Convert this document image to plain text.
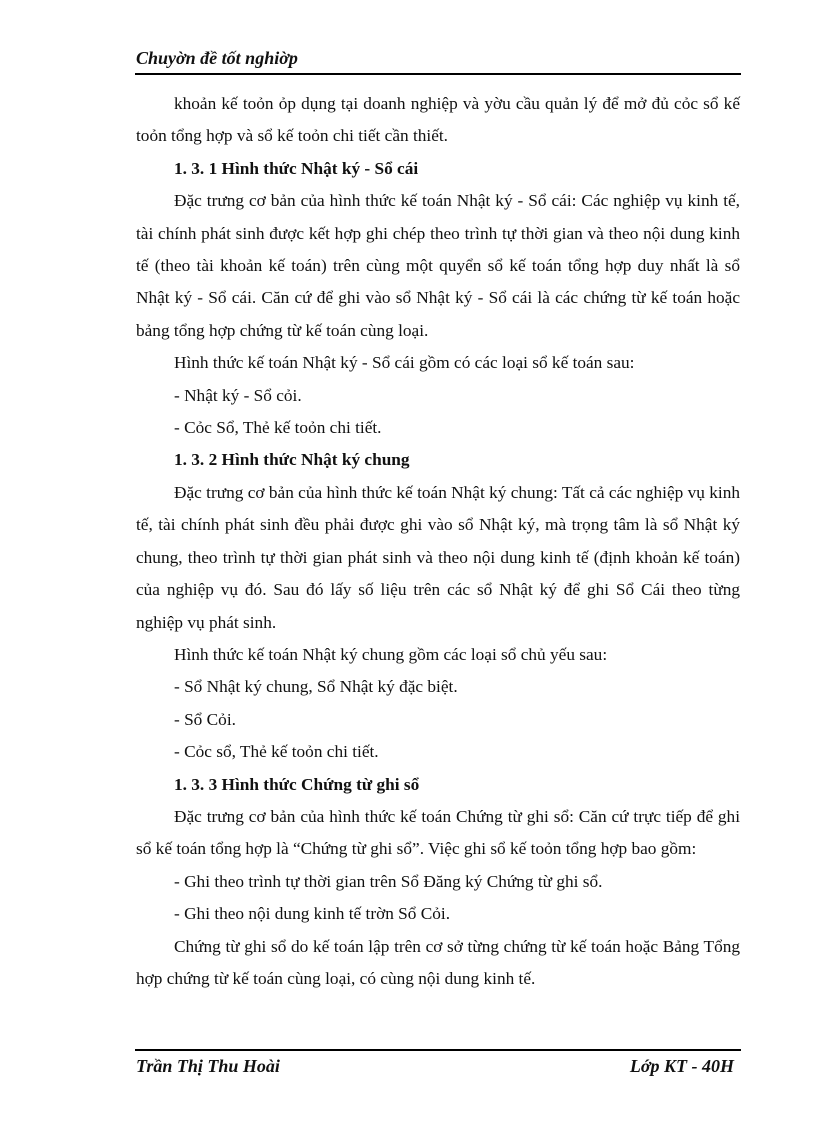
Chuyờn đề tốt nghiờp

khoản kế toỏn ỏp dụng tại doanh nghiệp và yờu cầu quản lý để mở đủ cỏc sổ kế toỏn tổng hợp và sổ kế toỏn chi tiết cần thiết.

1. 3. 1 Hình thức Nhật ký - Sổ cái

Đặc trưng cơ bản của hình thức kế toán Nhật ký - Sổ cái: Các nghiệp vụ kinh tế, tài chính phát sinh được kết hợp ghi chép theo trình tự thời gian và theo nội dung kinh tế (theo tài khoản kế toán) trên cùng một quyển sổ kế toán tổng hợp duy nhất là sổ Nhật ký - Sổ cái. Căn cứ để ghi vào sổ Nhật ký - Sổ cái là các chứng từ kế toán hoặc bảng tổng hợp chứng từ kế toán cùng loại.

Hình thức kế toán Nhật ký - Sổ cái gồm có các loại sổ kế toán sau:

- Nhật ký - Sổ cỏi.

- Cỏc Sổ, Thẻ kế toỏn chi tiết.

1. 3. 2 Hình thức Nhật ký chung

Đặc trưng cơ bản của hình thức kế toán Nhật ký chung: Tất cả các nghiệp vụ kinh tế, tài chính phát sinh đều phải được ghi vào sổ Nhật ký, mà trọng tâm là sổ Nhật ký chung, theo trình tự thời gian phát sinh và theo nội dung kinh tế (định khoản kế toán) của nghiệp vụ đó. Sau đó lấy số liệu trên các sổ Nhật ký để ghi Sổ Cái theo từng nghiệp vụ phát sinh.

Hình thức kế toán Nhật ký chung gồm các loại sổ chủ yếu sau:

- Sổ Nhật ký chung, Sổ Nhật ký đặc biệt.

- Sổ Cỏi.

- Cỏc sổ, Thẻ kế toỏn chi tiết.

1. 3. 3 Hình thức Chứng từ ghi sổ

Đặc trưng cơ bản của hình thức kế toán Chứng từ ghi sổ: Căn cứ trực tiếp để ghi sổ kế toán tổng hợp là “Chứng từ ghi sổ”. Việc ghi sổ kế toỏn tổng hợp bao gồm:

- Ghi theo trình tự thời gian trên Sổ Đăng ký Chứng từ ghi sổ.

- Ghi theo nội dung kinh tế trờn Sổ Cỏi.

Chứng từ ghi sổ do kế toán lập trên cơ sở từng chứng từ kế toán hoặc Bảng Tổng hợp chứng từ kế toán cùng loại, có cùng nội dung kinh tế.

Trần Thị Thu Hoài	Lớp KT - 40H
